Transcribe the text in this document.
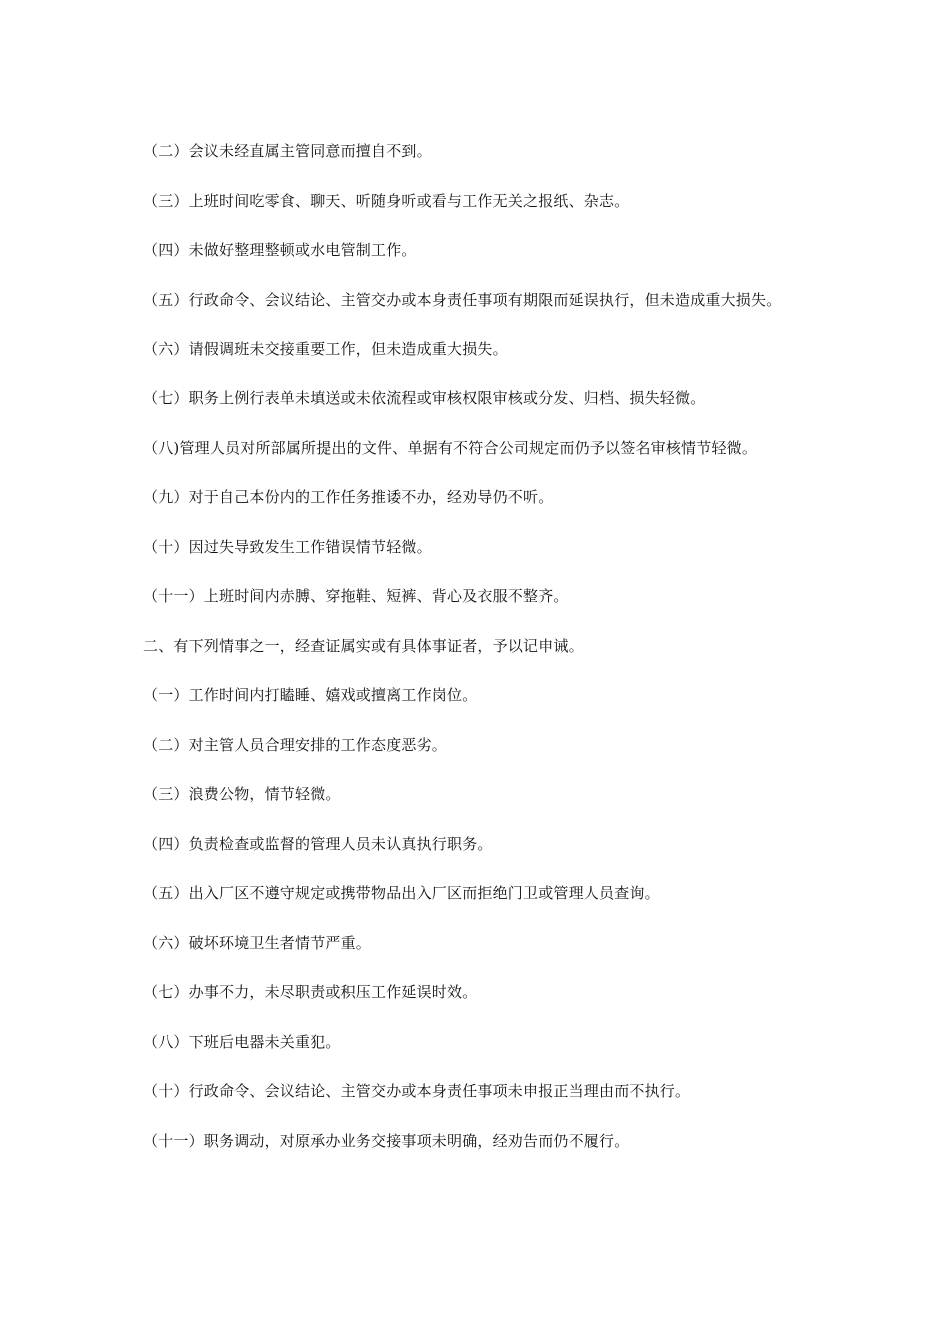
（二）会议未经直属主管同意而擅自不到。

（三）上班时间吃零食、聊天、听随身听或看与工作无关之报纸、杂志。

（四）未做好整理整顿或水电管制工作。

（五）行政命令、会议结论、主管交办或本身责任事项有期限而延误执行，但未造成重大损失。

（六）请假调班未交接重要工作，但未造成重大损失。

（七）职务上例行表单未填送或未依流程或审核权限审核或分发、归档、损失轻微。

（八)管理人员对所部属所提出的文件、单据有不符合公司规定而仍予以签名审核情节轻微。

（九）对于自己本份内的工作任务推诿不办，经劝导仍不听。

（十）因过失导致发生工作错误情节轻微。

（十一）上班时间内赤膊、穿拖鞋、短裤、背心及衣服不整齐。

二、有下列情事之一，经查证属实或有具体事证者，予以记申诫。

（一）工作时间内打瞌睡、嬉戏或擅离工作岗位。

（二）对主管人员合理安排的工作态度恶劣。

（三）浪费公物，情节轻微。

（四）负责检查或监督的管理人员未认真执行职务。

（五）出入厂区不遵守规定或携带物品出入厂区而拒绝门卫或管理人员查询。

（六）破坏环境卫生者情节严重。

（七）办事不力，未尽职责或积压工作延误时效。

（八）下班后电器未关重犯。

（十）行政命令、会议结论、主管交办或本身责任事项未申报正当理由而不执行。

（十一）职务调动，对原承办业务交接事项未明确，经劝告而仍不履行。
